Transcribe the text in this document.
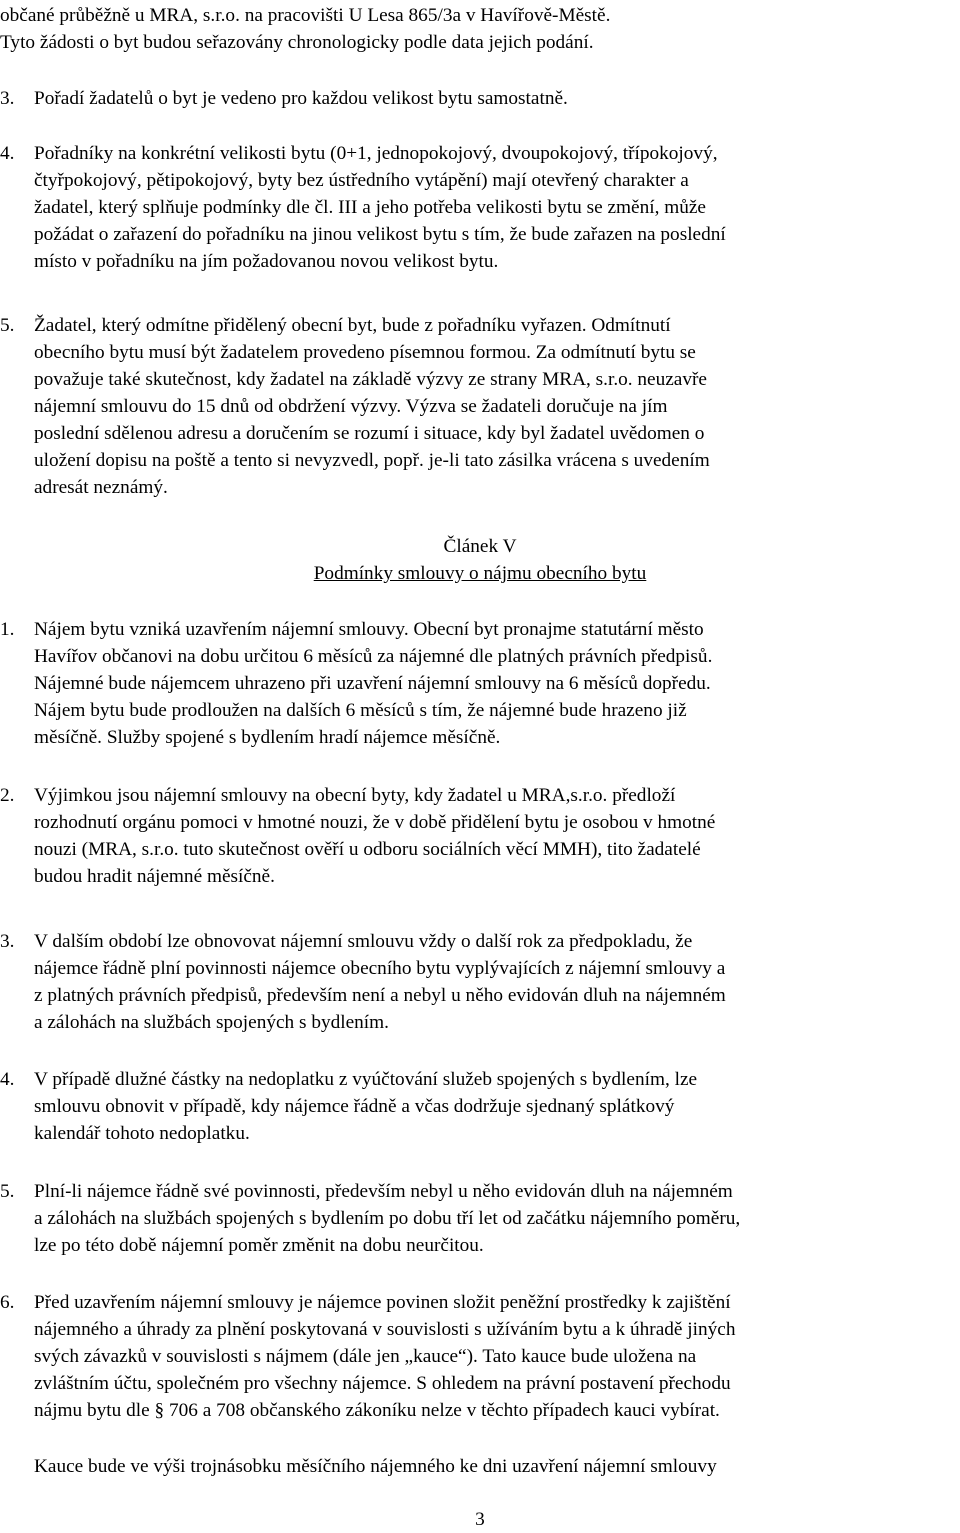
občané průběžně u MRA, s.r.o. na pracovišti U Lesa 865/3a v Havířově-Městě.
Tyto žádosti o byt budou seřazovány chronologicky podle data jejich podání.
3. Pořadí žadatelů o byt je vedeno pro každou velikost bytu samostatně.
4. Pořadníky na konkrétní velikosti bytu (0+1, jednopokojový, dvoupokojový, třípokojový,
čtyřpokojový, pětipokojový, byty bez ústředního vytápění) mají otevřený charakter a
žadatel, který splňuje podmínky dle čl. III a jeho potřeba velikosti bytu se změní, může
požádat o zařazení do pořadníku na jinou velikost bytu s tím, že bude zařazen na poslední
místo v pořadníku na jím požadovanou novou velikost bytu.
5. Žadatel, který odmítne přidělený obecní byt, bude z pořadníku vyřazen. Odmítnutí
obecního bytu musí být žadatelem provedeno písemnou formou. Za odmítnutí bytu se
považuje také skutečnost, kdy žadatel na základě výzvy ze strany MRA, s.r.o. neuzavře
nájemní smlouvu do 15 dnů od obdržení výzvy. Výzva se žadateli doručuje na jím
poslední sdělenou adresu a doručením se rozumí i situace, kdy byl žadatel uvědomen o
uložení dopisu na poště a tento si nevyzvedl, popř. je-li tato zásilka vrácena s uvedením
adresát neznámý.
Článek V
Podmínky smlouvy o nájmu obecního bytu
1. Nájem bytu vzniká uzavřením nájemní smlouvy. Obecní byt pronajme statutární město
Havířov občanovi na dobu určitou 6 měsíců za nájemné dle platných právních předpisů.
Nájemné bude nájemcem uhrazeno při uzavření nájemní smlouvy na 6 měsíců dopředu.
Nájem bytu bude prodloužen na dalších 6 měsíců s tím, že nájemné bude hrazeno již
měsíčně. Služby spojené s bydlením hradí nájemce měsíčně.
2. Výjimkou jsou nájemní smlouvy na obecní byty, kdy žadatel u MRA,s.r.o. předloží
rozhodnutí orgánu pomoci v hmotné nouzi, že v době přidělení bytu je osobou v hmotné
nouzi (MRA, s.r.o. tuto skutečnost ověří u odboru sociálních věcí MMH), tito žadatelé
budou hradit nájemné měsíčně.
3. V dalším období lze obnovovat nájemní smlouvu vždy o další rok za předpokladu, že
nájemce řádně plní povinnosti nájemce obecního bytu vyplývajících z nájemní smlouvy a
z platných právních předpisů, především není a nebyl u něho evidován dluh na nájemném
a zálohách na službách spojených s bydlením.
4. V případě dlužné částky na nedoplatku z vyúčtování služeb spojených s bydlením, lze
smlouvu obnovit v případě, kdy nájemce řádně a včas dodržuje sjednaný splátkový
kalendář tohoto nedoplatku.
5. Plní-li nájemce řádně své povinnosti, především nebyl u něho evidován dluh na nájemném
a zálohách na službách spojených s bydlením po dobu tří let od začátku nájemního poměru,
lze po této době nájemní poměr změnit na dobu neurčitou.
6. Před uzavřením nájemní smlouvy je nájemce povinen složit peněžní prostředky k zajištění
nájemného a úhrady za plnění poskytovaná v souvislosti s užíváním bytu a k úhradě jiných
svých závazků v souvislosti s nájmem (dále jen „kauce“). Tato kauce bude uložena na
zvláštním účtu, společném pro všechny nájemce. S ohledem na právní postavení přechodu
nájmu bytu dle § 706 a 708 občanského zákoníku nelze v těchto případech kauci vybírat.
Kauce bude ve výši trojnásobku měsíčního nájemného ke dni uzavření nájemní smlouvy
3
